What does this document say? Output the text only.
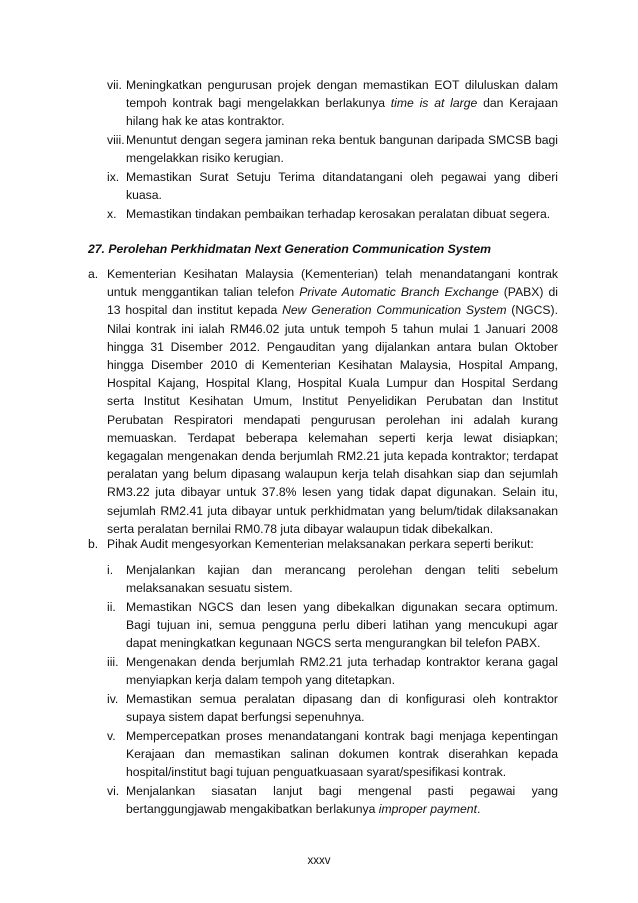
vii. Meningkatkan pengurusan projek dengan memastikan EOT diluluskan dalam tempoh kontrak bagi mengelakkan berlakunya time is at large dan Kerajaan hilang hak ke atas kontraktor.
viii. Menuntut dengan segera jaminan reka bentuk bangunan daripada SMCSB bagi mengelakkan risiko kerugian.
ix. Memastikan Surat Setuju Terima ditandatangani oleh pegawai yang diberi kuasa.
x. Memastikan tindakan pembaikan terhadap kerosakan peralatan dibuat segera.
27. Perolehan Perkhidmatan Next Generation Communication System
a. Kementerian Kesihatan Malaysia (Kementerian) telah menandatangani kontrak untuk menggantikan talian telefon Private Automatic Branch Exchange (PABX) di 13 hospital dan institut kepada New Generation Communication System (NGCS). Nilai kontrak ini ialah RM46.02 juta untuk tempoh 5 tahun mulai 1 Januari 2008 hingga 31 Disember 2012. Pengauditan yang dijalankan antara bulan Oktober hingga Disember 2010 di Kementerian Kesihatan Malaysia, Hospital Ampang, Hospital Kajang, Hospital Klang, Hospital Kuala Lumpur dan Hospital Serdang serta Institut Kesihatan Umum, Institut Penyelidikan Perubatan dan Institut Perubatan Respiratori mendapati pengurusan perolehan ini adalah kurang memuaskan. Terdapat beberapa kelemahan seperti kerja lewat disiapkan; kegagalan mengenakan denda berjumlah RM2.21 juta kepada kontraktor; terdapat peralatan yang belum dipasang walaupun kerja telah disahkan siap dan sejumlah RM3.22 juta dibayar untuk 37.8% lesen yang tidak dapat digunakan. Selain itu, sejumlah RM2.41 juta dibayar untuk perkhidmatan yang belum/tidak dilaksanakan serta peralatan bernilai RM0.78 juta dibayar walaupun tidak dibekalkan.
b. Pihak Audit mengesyorkan Kementerian melaksanakan perkara seperti berikut:
i. Menjalankan kajian dan merancang perolehan dengan teliti sebelum melaksanakan sesuatu sistem.
ii. Memastikan NGCS dan lesen yang dibekalkan digunakan secara optimum. Bagi tujuan ini, semua pengguna perlu diberi latihan yang mencukupi agar dapat meningkatkan kegunaan NGCS serta mengurangkan bil telefon PABX.
iii. Mengenakan denda berjumlah RM2.21 juta terhadap kontraktor kerana gagal menyiapkan kerja dalam tempoh yang ditetapkan.
iv. Memastikan semua peralatan dipasang dan di konfigurasi oleh kontraktor supaya sistem dapat berfungsi sepenuhnya.
v. Mempercepatkan proses menandatangani kontrak bagi menjaga kepentingan Kerajaan dan memastikan salinan dokumen kontrak diserahkan kepada hospital/institut bagi tujuan penguatkuasaan syarat/spesifikasi kontrak.
vi. Menjalankan siasatan lanjut bagi mengenal pasti pegawai yang bertanggungjawab mengakibatkan berlakunya improper payment.
xxxv
